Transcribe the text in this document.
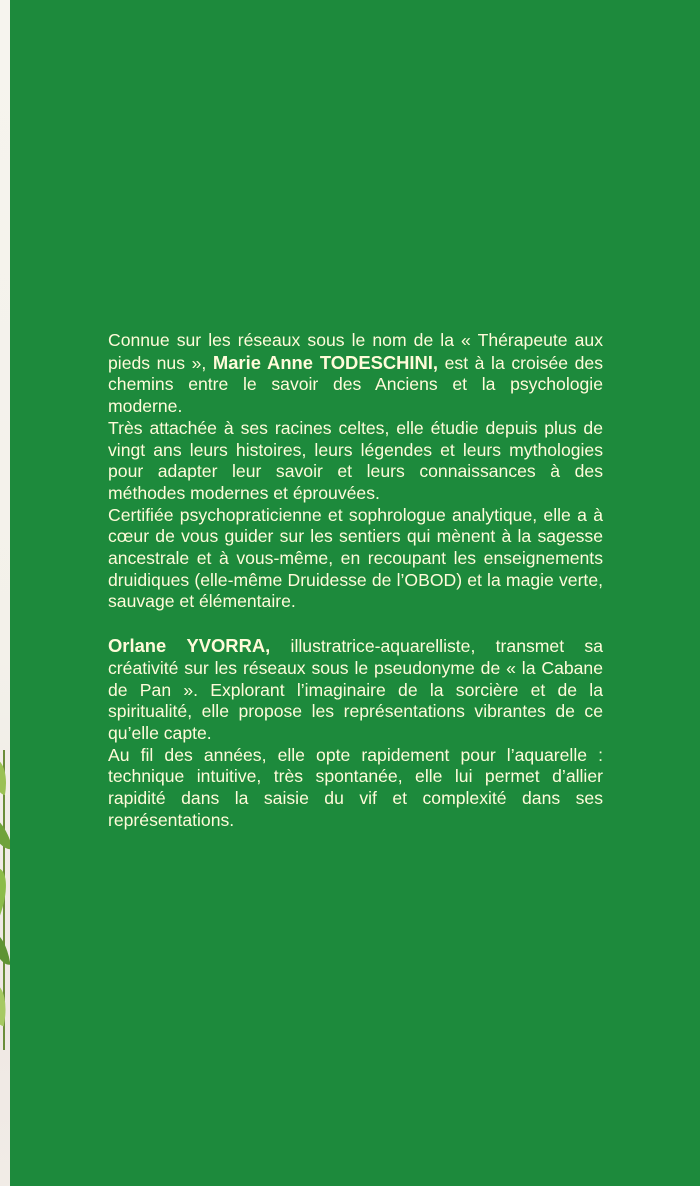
Connue sur les réseaux sous le nom de la « Thérapeute aux pieds nus », Marie Anne TODESCHINI, est à la croisée des chemins entre le savoir des Anciens et la psychologie moderne.

Très attachée à ses racines celtes, elle étudie depuis plus de vingt ans leurs histoires, leurs légendes et leurs mythologies pour adapter leur savoir et leurs connaissances à des méthodes modernes et éprouvées.

Certifiée psychopraticienne et sophrologue analytique, elle a à cœur de vous guider sur les sentiers qui mènent à la sagesse ancestrale et à vous-même, en recoupant les enseignements druidiques (elle-même Druidesse de l’OBOD) et la magie verte, sauvage et élémentaire.

Orlane YVORRA, illustratrice-aquarelliste, transmet sa créativité sur les réseaux sous le pseudonyme de « la Cabane de Pan ». Explorant l’imaginaire de la sorcière et de la spiritualité, elle propose les représentations vibrantes de ce qu’elle capte.

Au fil des années, elle opte rapidement pour l’aquarelle : technique intuitive, très spontanée, elle lui permet d’allier rapidité dans la saisie du vif et complexité dans ses représentations.
